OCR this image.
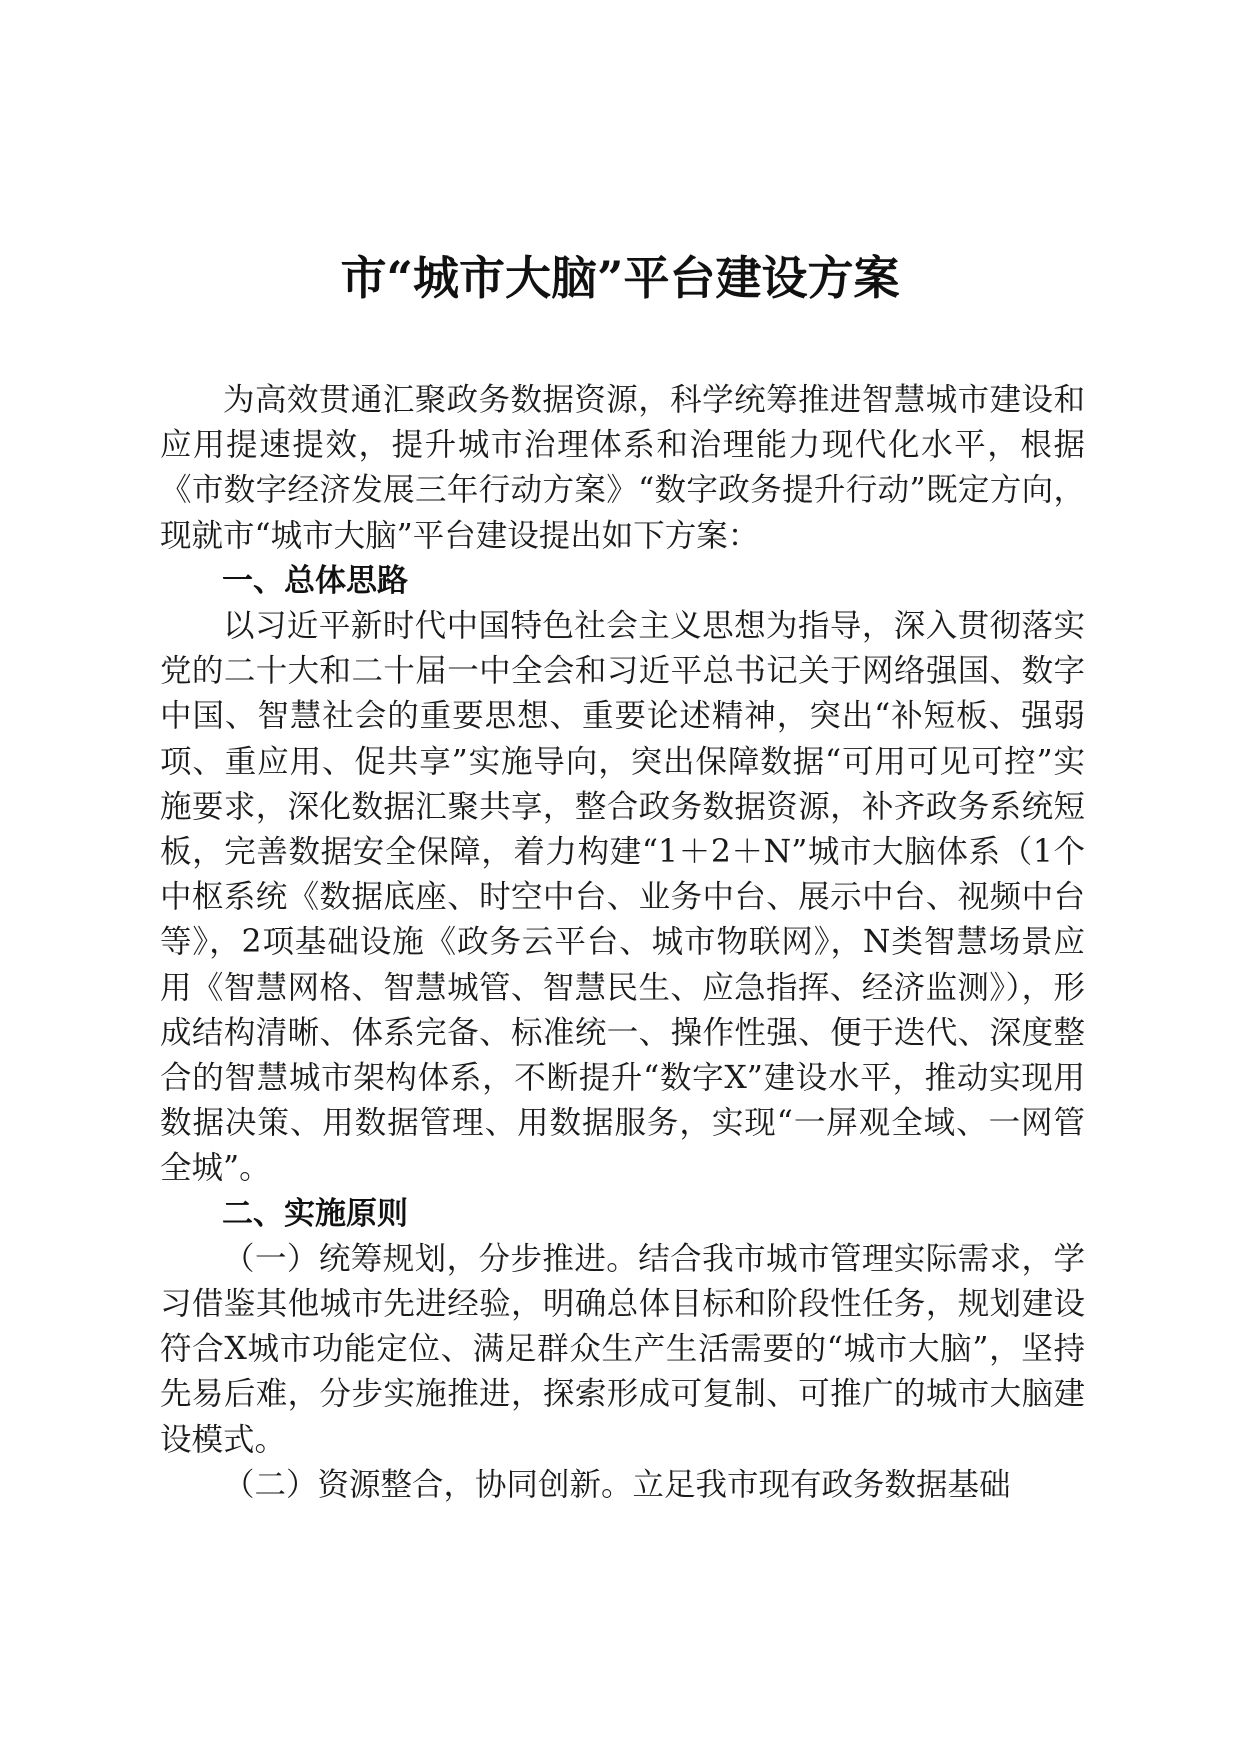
市“城市大脑”平台建设方案

为高效贯通汇聚政务数据资源，科学统筹推进智慧城市建设和应用提速提效，提升城市治理体系和治理能力现代化水平，根据《市数字经济发展三年行动方案》“数字政务提升行动”既定方向，现就市“城市大脑”平台建设提出如下方案：

一、总体思路

以习近平新时代中国特色社会主义思想为指导，深入贯彻落实党的二十大和二十届一中全会和习近平总书记关于网络强国、数字中国、智慧社会的重要思想、重要论述精神，突出“补短板、强弱项、重应用、促共享”实施导向，突出保障数据“可用可见可控”实施要求，深化数据汇聚共享，整合政务数据资源，补齐政务系统短板，完善数据安全保障，着力构建“1＋2＋N”城市大脑体系（1个中枢系统《数据底座、时空中台、业务中台、展示中台、视频中台等》，2项基础设施《政务云平台、城市物联网》，N类智慧场景应用《智慧网格、智慧城管、智慧民生、应急指挥、经济监测》），形成结构清晰、体系完备、标准统一、操作性强、便于迭代、深度整合的智慧城市架构体系，不断提升“数字X”建设水平，推动实现用数据决策、用数据管理、用数据服务，实现“一屏观全域、一网管全城”。

二、实施原则

（一）统筹规划，分步推进。结合我市城市管理实际需求，学习借鉴其他城市先进经验，明确总体目标和阶段性任务，规划建设符合X城市功能定位、满足群众生产生活需要的“城市大脑”，坚持先易后难，分步实施推进，探索形成可复制、可推广的城市大脑建设模式。

（二）资源整合，协同创新。立足我市现有政务数据基础
